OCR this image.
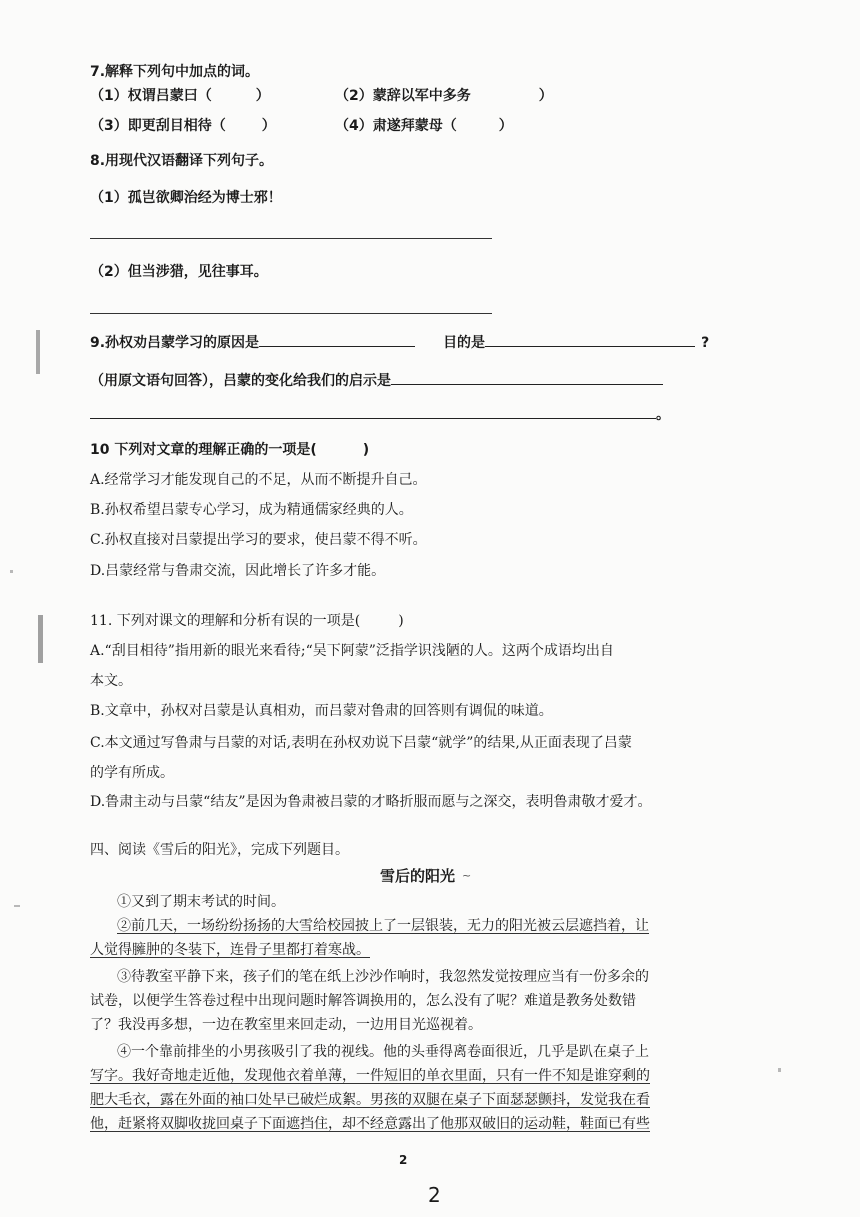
7.解释下列句中加点的词。
（1）权谓吕蒙曰（	）	（2）蒙辞以军中多务	）
（3）即更刮目相待（	）	（4）肃遂拜蒙母（	）
8.用现代汉语翻译下列句子。
（1）孤岂欲卿治经为博士邪！
（2）但当涉猎，见往事耳。
9.孙权劝吕蒙学习的原因是	目的是	?
（用原文语句回答），吕蒙的变化给我们的启示是
。
10 下列对文章的理解正确的一项是(	)
A.经常学习才能发现自己的不足，从而不断提升自己。
B.孙权希望吕蒙专心学习，成为精通儒家经典的人。
C.孙权直接对吕蒙提出学习的要求，使吕蒙不得不听。
D.吕蒙经常与鲁肃交流，因此增长了许多才能。
11. 下列对课文的理解和分析有误的一项是(	)
A.“刮目相待”指用新的眼光来看待;“吴下阿蒙”泛指学识浅陋的人。这两个成语均出自
本文。
B.文章中，孙权对吕蒙是认真相劝，而吕蒙对鲁肃的回答则有调侃的味道。
C.本文通过写鲁肃与吕蒙的对话,表明在孙权劝说下吕蒙“就学”的结果,从正面表现了吕蒙
的学有所成。
D.鲁肃主动与吕蒙“结友”是因为鲁肃被吕蒙的才略折服而愿与之深交，表明鲁肃敬才爱才。
四、阅读《雪后的阳光》，完成下列题目。
雪后的阳光 ~
①又到了期末考试的时间。
②前几天，一场纷纷扬扬的大雪给校园披上了一层银装，无力的阳光被云层遮挡着，让
人觉得臃肿的冬装下，连骨子里都打着寒战。
③待教室平静下来，孩子们的笔在纸上沙沙作响时，我忽然发觉按理应当有一份多余的
试卷，以便学生答卷过程中出现问题时解答调换用的，怎么没有了呢？难道是教务处数错
了？我没再多想，一边在教室里来回走动，一边用目光巡视着。
④一个靠前排坐的小男孩吸引了我的视线。他的头垂得离卷面很近，几乎是趴在桌子上
写字。我好奇地走近他，发现他衣着单薄，一件短旧的单衣里面，只有一件不知是谁穿剩的
肥大毛衣，露在外面的袖口处早已破烂成絮。男孩的双腿在桌子下面瑟瑟颤抖，发觉我在看
他，赶紧将双脚收拢回桌子下面遮挡住，却不经意露出了他那双破旧的运动鞋，鞋面已有些
2
2
